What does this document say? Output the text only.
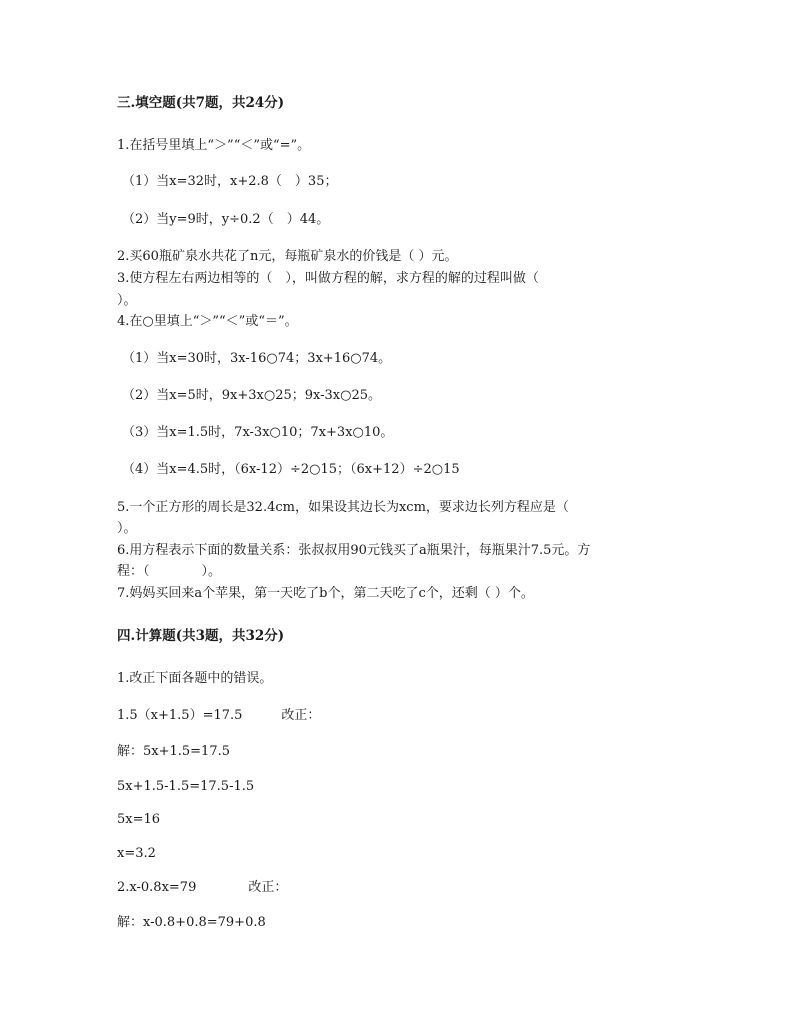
三.填空题(共7题，共24分)
1.在括号里填上“＞”“＜”或“=”。
（1）当x=32时，x+2.8（　）35；
（2）当y=9时，y÷0.2（　）44。
2.买60瓶矿泉水共花了n元，每瓶矿泉水的价钱是（ ）元。
3.使方程左右两边相等的（　），叫做方程的解，求方程的解的过程叫做（
）。
4.在○里填上“＞”“＜”或“＝”。
（1）当x=30时，3x-16○74；3x+16○74。
（2）当x=5时，9x+3x○25；9x-3x○25。
（3）当x=1.5时，7x-3x○10；7x+3x○10。
（4）当x=4.5时，（6x-12）÷2○15；（6x+12）÷2○15
5.一个正方形的周长是32.4cm，如果设其边长为xcm，要求边长列方程应是（
）。
6.用方程表示下面的数量关系：张叔叔用90元钱买了a瓶果汁，每瓶果汁7.5元。方
程：（　　　　）。
7.妈妈买回来a个苹果，第一天吃了b个，第二天吃了c个，还剩（ ）个。
四.计算题(共3题，共32分)
1.改正下面各题中的错误。
1.5（x+1.5）=17.5　　　改正：
解：5x+1.5=17.5
5x+1.5-1.5=17.5-1.5
5x=16
x=3.2
2.x-0.8x=79　　　　改正：
解：x-0.8+0.8=79+0.8
